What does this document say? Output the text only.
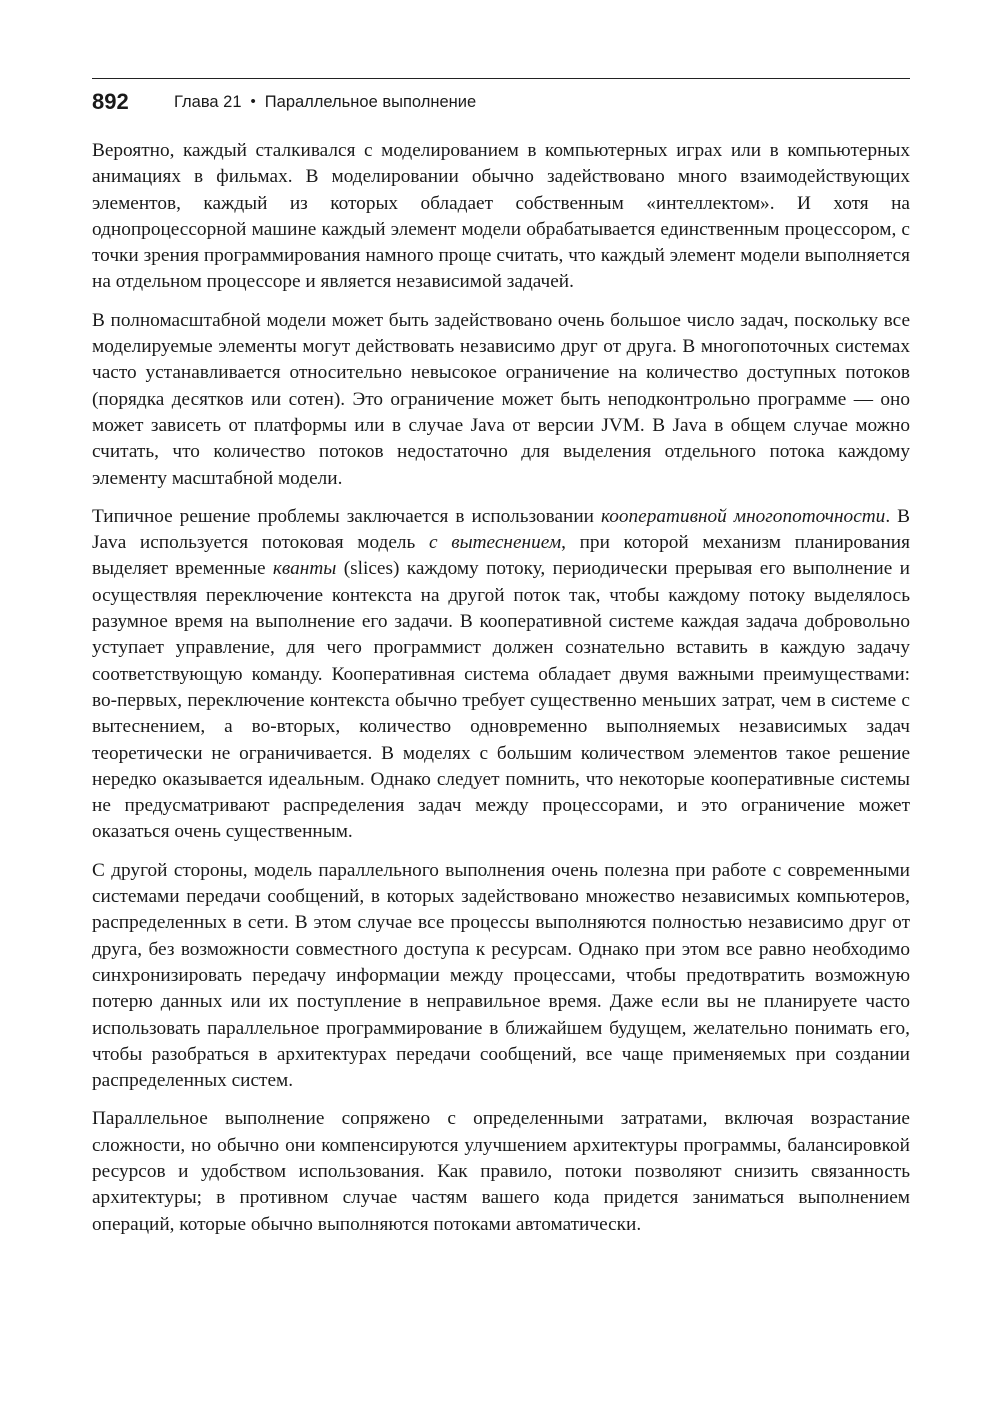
892	Глава 21 • Параллельное выполнение

Вероятно, каждый сталкивался с моделированием в компьютерных играх или в компьютерных анимациях в фильмах. В моделировании обычно задействовано много взаимодействующих элементов, каждый из которых обладает собственным «интеллектом». И хотя на однопроцессорной машине каждый элемент модели обрабатывается единственным процессором, с точки зрения программирования намного проще считать, что каждый элемент модели выполняется на отдельном процессоре и является независимой задачей.

В полномасштабной модели может быть задействовано очень большое число задач, поскольку все моделируемые элементы могут действовать независимо друг от друга. В многопоточных системах часто устанавливается относительно невысокое ограничение на количество доступных потоков (порядка десятков или сотен). Это ограничение может быть неподконтрольно программе — оно может зависеть от платформы или в случае Java от версии JVM. В Java в общем случае можно считать, что количество потоков недостаточно для выделения отдельного потока каждому элементу масштабной модели.

Типичное решение проблемы заключается в использовании кооперативной многопоточности. В Java используется потоковая модель с вытеснением, при которой механизм планирования выделяет временные кванты (slices) каждому потоку, периодически прерывая его выполнение и осуществляя переключение контекста на другой поток так, чтобы каждому потоку выделялось разумное время на выполнение его задачи. В кооперативной системе каждая задача добровольно уступает управление, для чего программист должен сознательно вставить в каждую задачу соответствующую команду. Кооперативная система обладает двумя важными преимуществами: во-первых, переключение контекста обычно требует существенно меньших затрат, чем в системе с вытеснением, а во-вторых, количество одновременно выполняемых независимых задач теоретически не ограничивается. В моделях с большим количеством элементов такое решение нередко оказывается идеальным. Однако следует помнить, что некоторые кооперативные системы не предусматривают распределения задач между процессорами, и это ограничение может оказаться очень существенным.

С другой стороны, модель параллельного выполнения очень полезна при работе с современными системами передачи сообщений, в которых задействовано множество независимых компьютеров, распределенных в сети. В этом случае все процессы выполняются полностью независимо друг от друга, без возможности совместного доступа к ресурсам. Однако при этом все равно необходимо синхронизировать передачу информации между процессами, чтобы предотвратить возможную потерю данных или их поступление в неправильное время. Даже если вы не планируете часто использовать параллельное программирование в ближайшем будущем, желательно понимать его, чтобы разобраться в архитектурах передачи сообщений, все чаще применяемых при создании распределенных систем.

Параллельное выполнение сопряжено с определенными затратами, включая возрастание сложности, но обычно они компенсируются улучшением архитектуры программы, балансировкой ресурсов и удобством использования. Как правило, потоки позволяют снизить связанность архитектуры; в противном случае частям вашего кода придется заниматься выполнением операций, которые обычно выполняются потоками автоматически.
